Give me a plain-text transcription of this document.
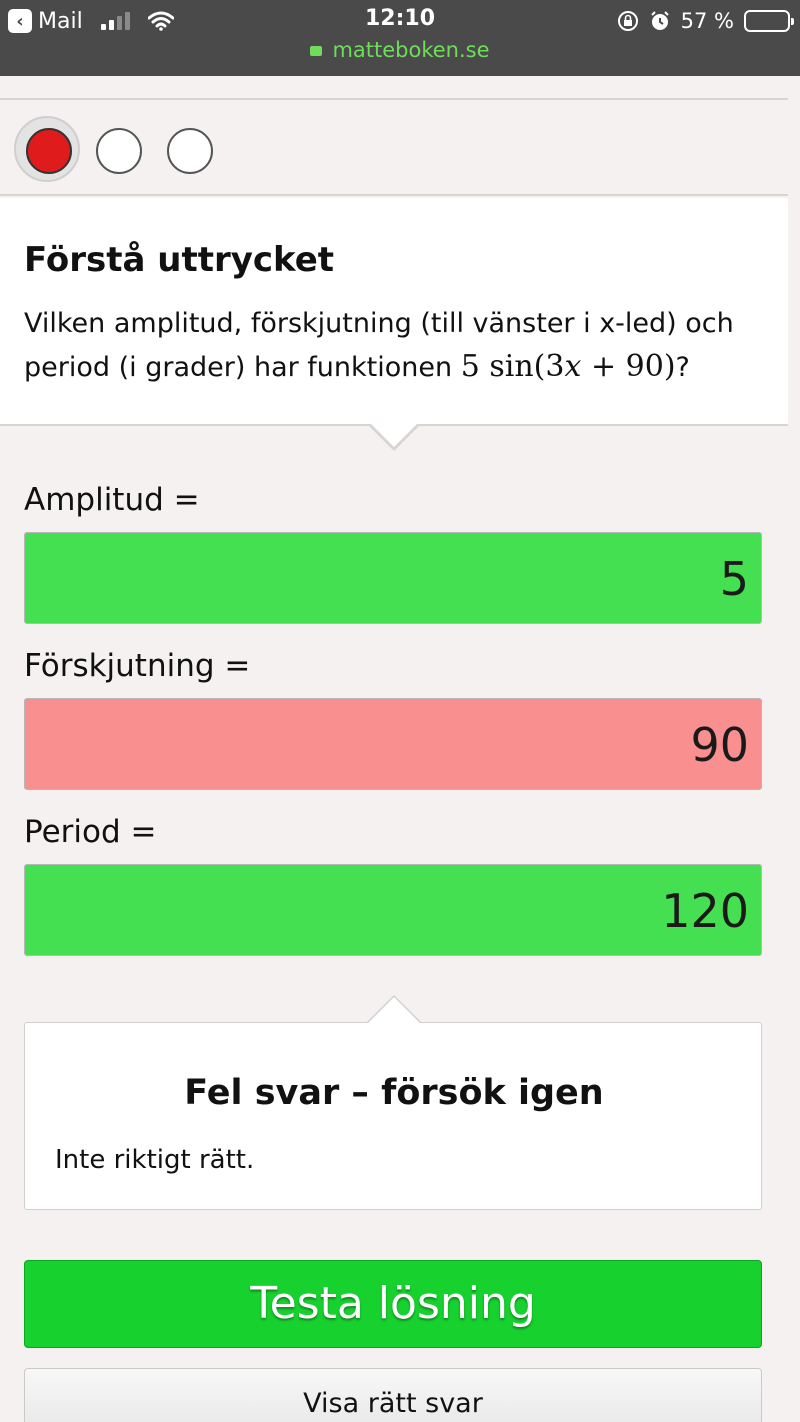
‹ Mail	12:10
matteboken.se
57 %
Förstå uttrycket
Vilken amplitud, förskjutning (till vänster i x-led) och period (i grader) har funktionen 5 sin(3x + 90)?
Amplitud =
5
Förskjutning =
90
Period =
120
Fel svar – försök igen
Inte riktigt rätt.
Testa lösning
Visa rätt svar
